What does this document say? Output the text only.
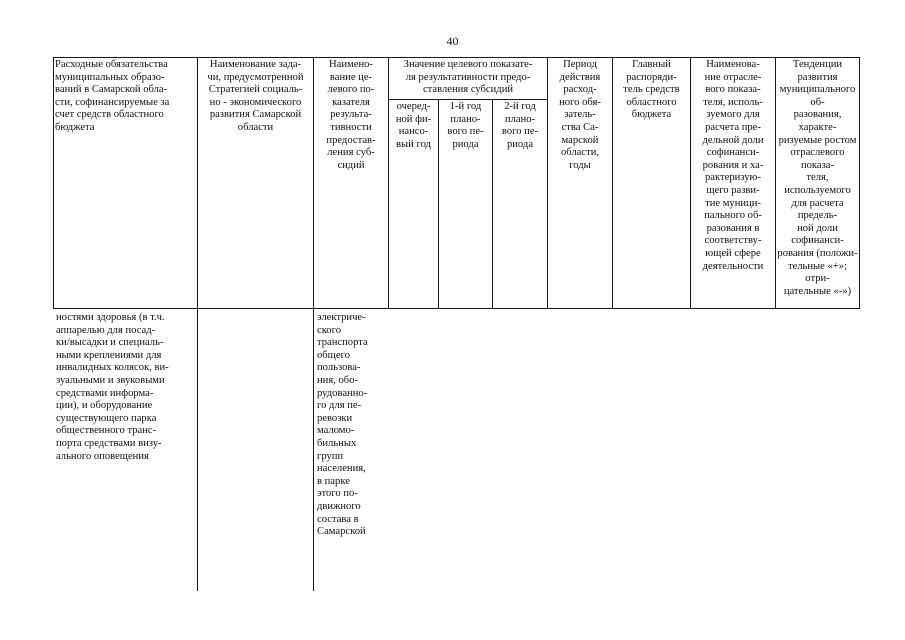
40
Расходные обязательства
муниципальных образо-
ваний в Самарской обла-
сти, софинансируемые за
счет средств областного
бюджета
Наименование зада-
чи, предусмотренной
Стратегией социаль-
но - экономического
развития Самарской
области
Наимено-
вание це-
левого по-
казателя
результа-
тивности
предостав-
ления суб-
сидий
Значение целевого показате-
ля результативности предо-
ставления субсидий
очеред-
ной фи-
нансо-
вый год
1-й год
плано-
вого пе-
риода
2-й год
плано-
вого пе-
риода
Период
действия
расход-
ного обя-
затель-
ства Са-
марской
области,
годы
Главный
распоряди-
тель средств
областного
бюджета
Наименова-
ние отрасле-
вого показа-
теля, исполь-
зуемого для
расчета пре-
дельной доли
софинанси-
рования и ха-
рактеризую-
щего разви-
тие муници-
пального об-
разования в
соответству-
ющей сфере
деятельности
Тенденции развития
муниципального об-
разования, характе-
ризуемые ростом
отраслевого показа-
теля, используемого
для расчета предель-
ной доли софинанси-
рования (положи-
тельные «+»; отри-
цательные «-»)
ностями здоровья (в т.ч.
аппарелью для посад-
ки/высадки и специаль-
ными креплениями для
инвалидных колясок, ви-
зуальными и звуковыми
средствами информа-
ции), и оборудование
существующего парка
общественного транс-
порта средствами визу-
ального оповещения
электриче-
ского
транспорта
общего
пользова-
ния, обо-
рудованно-
го для пе-
ревозки
маломо-
бильных
групп
населения,
в парке
этого по-
движного
состава в
Самарской
